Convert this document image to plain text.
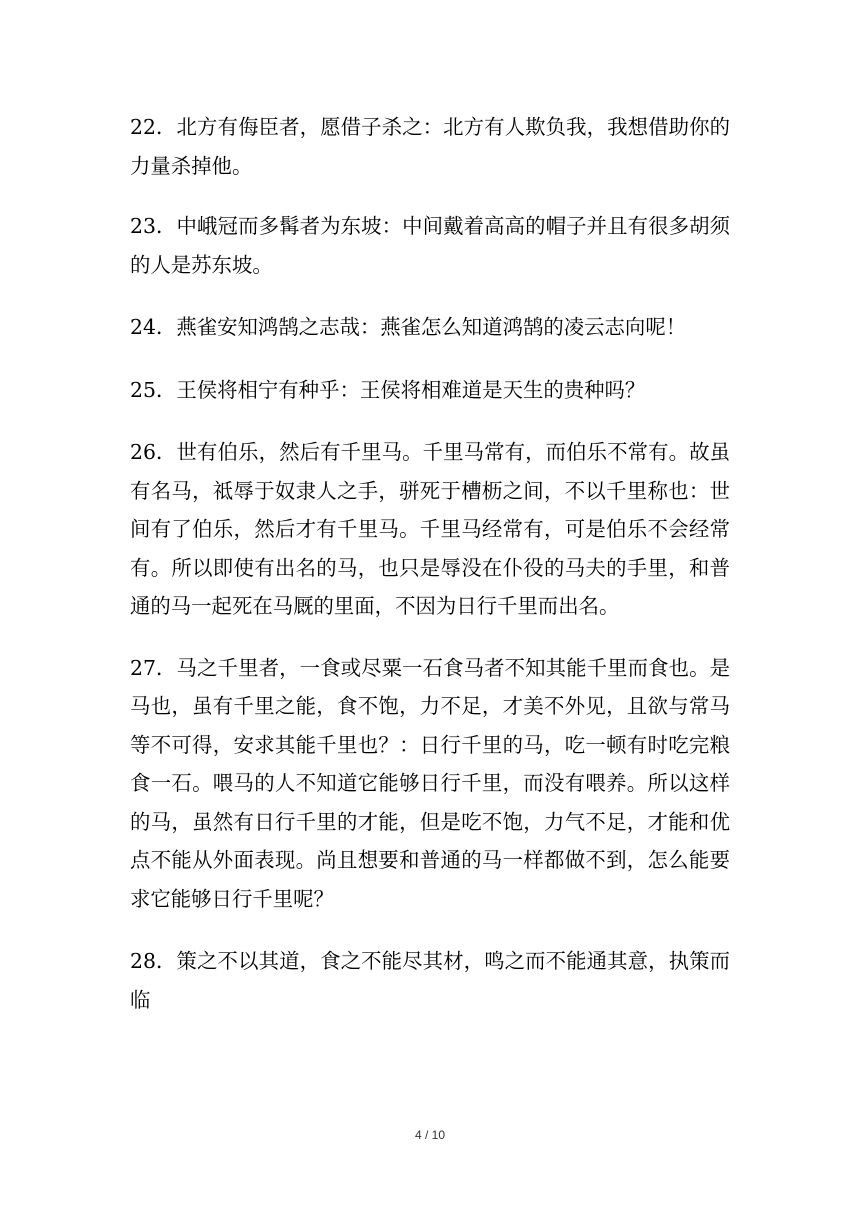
22．北方有侮臣者，愿借子杀之：北方有人欺负我，我想借助你的力量杀掉他。

23．中峨冠而多髯者为东坡：中间戴着高高的帽子并且有很多胡须的人是苏东坡。

24．燕雀安知鸿鹄之志哉：燕雀怎么知道鸿鹄的凌云志向呢！

25．王侯将相宁有种乎：王侯将相难道是天生的贵种吗？

26．世有伯乐，然后有千里马。千里马常有，而伯乐不常有。故虽有名马，祗辱于奴隶人之手，骈死于槽枥之间，不以千里称也：世间有了伯乐，然后才有千里马。千里马经常有，可是伯乐不会经常有。所以即使有出名的马，也只是辱没在仆役的马夫的手里，和普通的马一起死在马厩的里面，不因为日行千里而出名。

27．马之千里者，一食或尽粟一石食马者不知其能千里而食也。是马也，虽有千里之能，食不饱，力不足，才美不外见，且欲与常马等不可得，安求其能千里也？：日行千里的马，吃一顿有时吃完粮食一石。喂马的人不知道它能够日行千里，而没有喂养。所以这样的马，虽然有日行千里的才能，但是吃不饱，力气不足，才能和优点不能从外面表现。尚且想要和普通的马一样都做不到，怎么能要求它能够日行千里呢？

28．策之不以其道，食之不能尽其材，鸣之而不能通其意，执策而临

4 / 10
